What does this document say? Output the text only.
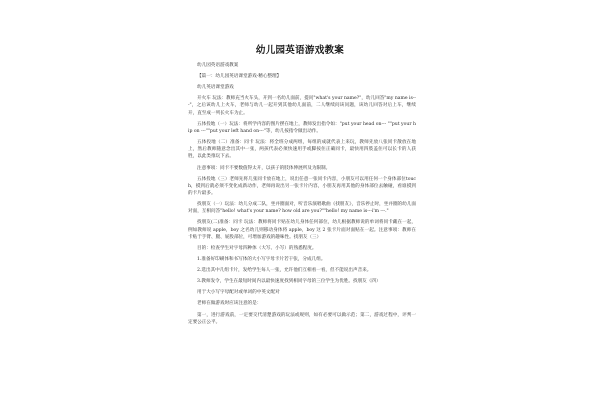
幼儿园英语游戏教案

幼儿园英语游戏教案

【篇一：幼儿园英语课堂游戏-精心整理】

幼儿英语课堂游戏

开火车 玩法：教师充当火车头，开到一名幼儿面前，提问"what's your name?"，幼儿回答"my name is---"，之后该幼儿上火车，老师与幼儿一起开到其他幼儿面前，二人继续问该问题，该幼儿回答对后上车，继续开，直至成一列长火车为止。

五体投地（一）玩法：将所学内容的图片摆在地上，教师发出指令如："put your head on--- ""put your hip on ---""put your left hand on---"等，幼儿按指令做出动作。

五体投地（二）准备：同卡 玩法：将全班分成两组，每组的成就代表上来玩，教师先放八张同卡散放在地上，然后教师随意念出其中一张，两孩代表必须快速用手或脚按住正确同卡，最快用四肢盖住可以长卡的人获胜，以此类推玩下去。

注意事项：同卡不要数值得太开，以孩子的肢体伸展所及为限制。

五体投地（三）老师先将几张同卡放在地上，说出任意一张同卡内容，小朋友可以用任何一个身体部位touch，摸到后就必须不变化成新动作，老师再说出另一张卡片内容，小朋友再用其他的身体部位去触碰，看谁摸到的卡片最多。

找朋友（一）玩法：幼儿分成二队，坐并圈面对，听音乐演唱歌曲《找朋友》，音乐停止时，坐并圈的幼儿面对面，互相问答"hello! what's your name? how old are you?""hello! my name is---i'm ---."

找朋友(二)准备：同卡 玩法：教师将同卡贴在幼儿身体任何部位，幼儿根据教师说的单词将同卡藏在一起，例如教师说 apple，boy 之名幼儿则移动身体将 apple，boy 这 2 张卡片面对面贴在一起。注意事项：教师在卡贴于手臂、腿、屁股部位，可增加游戏的趣味性。找朋友（三）

目的：检查学生对字母四种体（大写、小写）的熟悉程度。

1.准备好印刷体和书写体的大小写字母卡片若干张，分成几组。

2.选出其中几组卡片，发给学生每人一张，允许他们互相看一看，但不能说出声音来。

3.教师发令，学生在最短时间内以最快速度找到相同字母的三位学生为优胜。找朋友（四）

用于大小写字母配对或单词的中英文配对

老师在做游戏时应该注意的是：

第一，进行游戏前，一定要交代清楚游戏的玩法或规则，如有必要可以做示范；第二，游戏过程中，评判一定要公正公平。
